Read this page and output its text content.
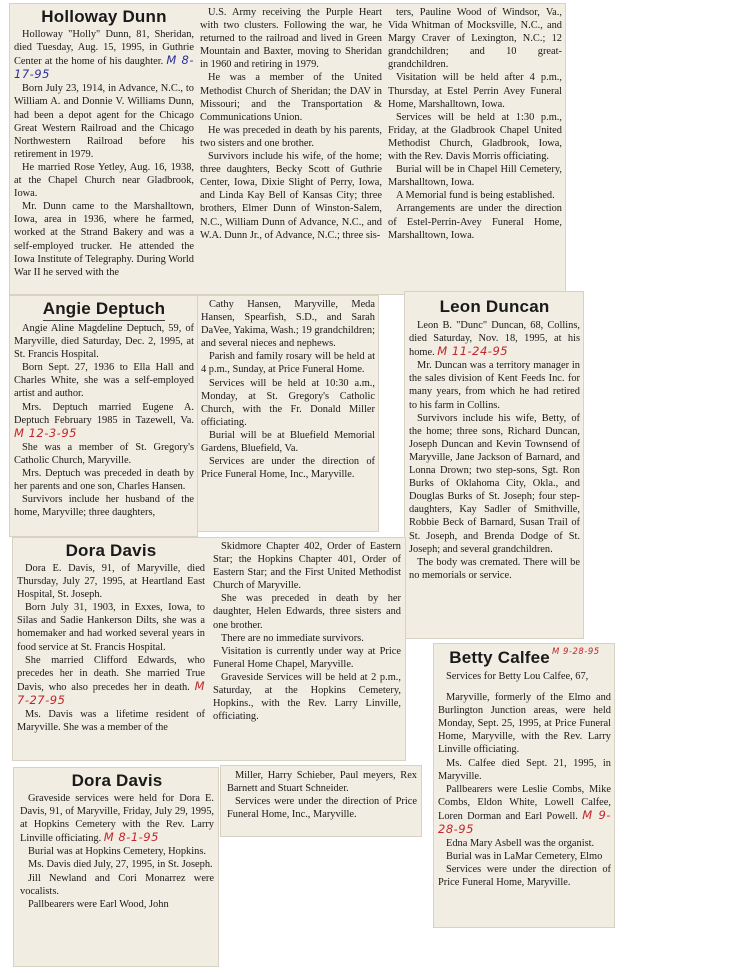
Holloway Dunn

Holloway "Holly" Dunn, 81, Sheridan, died Tuesday, Aug. 15, 1995, in Guthrie Center at the home of his daughter. M 8-17-95

Born July 23, 1914, in Advance, N.C., to William A. and Donnie V. Williams Dunn, had been a depot agent for the Chicago Great Western Railroad and the Chicago Northwestern Railroad before his retirement in 1979.

He married Rose Yetley, Aug. 16, 1938, at the Chapel Church near Gladbrook, Iowa.

Mr. Dunn came to the Marshalltown, Iowa, area in 1936, where he farmed, worked at the Strand Bakery and was a self-employed trucker. He attended the Iowa Institute of Telegraphy. During World War II he served with the

U.S. Army receiving the Purple Heart with two clusters. Following the war, he returned to the railroad and lived in Green Mountain and Baxter, moving to Sheridan in 1960 and retiring in 1979.

He was a member of the United Methodist Church of Sheridan; the DAV in Missouri; and the Transportation & Communications Union.

He was preceded in death by his parents, two sisters and one brother.

Survivors include his wife, of the home; three daughters, Becky Scott of Guthrie Center, Iowa, Dixie Slight of Perry, Iowa, and Linda Kay Bell of Kansas City; three brothers, Elmer Dunn of Winston-Salem, N.C., William Dunn of Advance, N.C., and W.A. Dunn Jr., of Advance, N.C.; three sis-

ters, Pauline Wood of Windsor, Va., Vida Whitman of Mocksville, N.C., and Margy Craver of Lexington, N.C.; 12 grandchildren; and 10 great-grandchildren.

Visitation will be held after 4 p.m., Thursday, at Estel Perrin Avey Funeral Home, Marshalltown, Iowa.

Services will be held at 1:30 p.m., Friday, at the Gladbrook Chapel United Methodist Church, Gladbrook, Iowa, with the Rev. Davis Morris officiating.

Burial will be in Chapel Hill Cemetery, Marshalltown, Iowa.

A Memorial fund is being established.

Arrangements are under the direction of Estel-Perrin-Avey Funeral Home, Marshalltown, Iowa.

Angie Deptuch

Angie Aline Magdeline Deptuch, 59, of Maryville, died Saturday, Dec. 2, 1995, at St. Francis Hospital.

Born Sept. 27, 1936 to Ella Hall and Charles White, she was a self-employed artist and author.

Mrs. Deptuch married Eugene A. Deptuch February 1985 in Tazewell, Va. M 12-3-95

She was a member of St. Gregory's Catholic Church, Maryville.

Mrs. Deptuch was preceded in death by her parents and one son, Charles Hansen.

Survivors include her husband of the home, Maryville; three daughters,

Cathy Hansen, Maryville, Meda Hansen, Spearfish, S.D., and Sarah DaVee, Yakima, Wash.; 19 grandchildren; and several nieces and nephews.

Parish and family rosary will be held at 4 p.m., Sunday, at Price Funeral Home.

Services will be held at 10:30 a.m., Monday, at St. Gregory's Catholic Church, with the Fr. Donald Miller officiating.

Burial will be at Bluefield Memorial Gardens, Bluefield, Va.

Services are under the direction of Price Funeral Home, Inc., Maryville.

Leon Duncan

Leon B. "Dunc" Duncan, 68, Collins, died Saturday, Nov. 18, 1995, at his home. M 11-24-95

Mr. Duncan was a territory manager in the sales division of Kent Feeds Inc. for many years, from which he had retired to his farm in Collins.

Survivors include his wife, Betty, of the home; three sons, Richard Duncan, Joseph Duncan and Kevin Townsend of Maryville, Jane Jackson of Barnard, and Lonna Drown; two step-sons, Sgt. Ron Burks of Oklahoma City, Okla., and Douglas Burks of St. Joseph; four step-daughters, Kay Sadler of Smithville, Robbie Beck of Barnard, Susan Trail of St. Joseph, and Brenda Dodge of St. Joseph; and several grandchildren.

The body was cremated. There will be no memorials or service.

Dora Davis

Dora E. Davis, 91, of Maryville, died Thursday, July 27, 1995, at Heartland East Hospital, St. Joseph.

Born July 31, 1903, in Exxes, Iowa, to Silas and Sadie Hankerson Dilts, she was a homemaker and had worked several years in food service at St. Francis Hospital.

She married Clifford Edwards, who precedes her in death. She married True Davis, who also precedes her in death. M 7-27-95

Ms. Davis was a lifetime resident of Maryville. She was a member of the

Skidmore Chapter 402, Order of Eastern Star; the Hopkins Chapter 401, Order of Eastern Star; and the First United Methodist Church of Maryville.

She was preceded in death by her daughter, Helen Edwards, three sisters and one brother.

There are no immediate survivors.

Visitation is currently under way at Price Funeral Home Chapel, Maryville.

Graveside Services will be held at 2 p.m., Saturday, at the Hopkins Cemetery, Hopkins., with the Rev. Larry Linville, officiating.

Betty Calfee M 9-28-95

Services for Betty Lou Calfee, 67,

Maryville, formerly of the Elmo and Burlington Junction areas, were held Monday, Sept. 25, 1995, at Price Funeral Home, Maryville, with the Rev. Larry Linville officiating.

Ms. Calfee died Sept. 21, 1995, in Maryville.

Pallbearers were Leslie Combs, Mike Combs, Eldon White, Lowell Calfee, Loren Dorman and Earl Powell. M 9-28-95

Edna Mary Asbell was the organist.

Burial was in LaMar Cemetery, Elmo

Services were under the direction of Price Funeral Home, Maryville.

Dora Davis

Graveside services were held for Dora E. Davis, 91, of Maryville, Friday, July 29, 1995, at Hopkins Cemetery with the Rev. Larry Linville officiating. M 8-1-95

Burial was at Hopkins Cemetery, Hopkins.

Ms. Davis died July, 27, 1995, in St. Joseph.

Jill Newland and Cori Monarrez were vocalists.

Pallbearers were Earl Wood, John

Miller, Harry Schieber, Paul meyers, Rex Barnett and Stuart Schneider.

Services were under the direction of Price Funeral Home, Inc., Maryville.
